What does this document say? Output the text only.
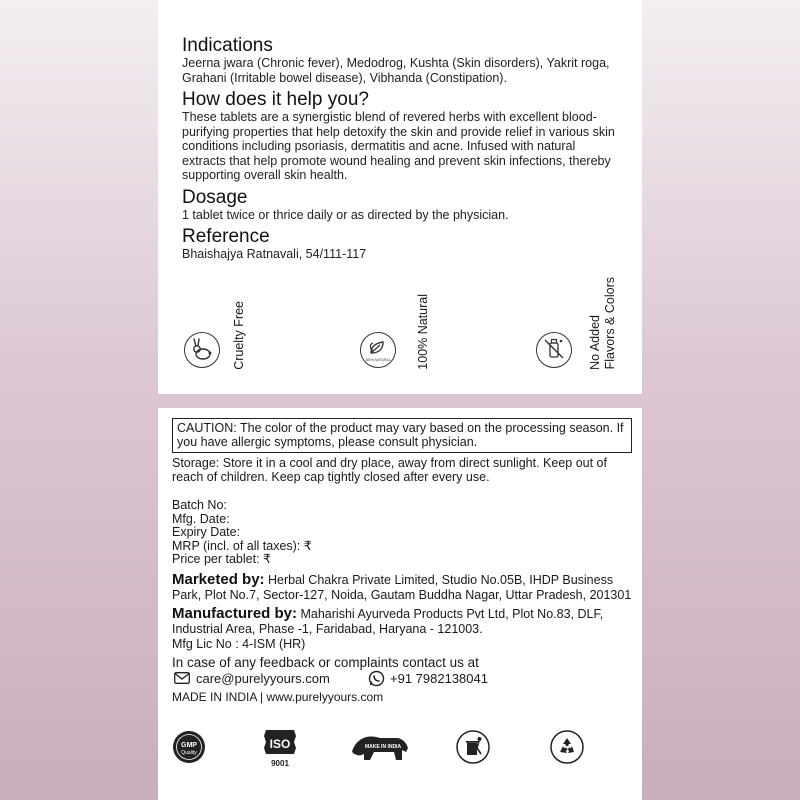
Indications

Jeerna jwara (Chronic fever), Medodrog, Kushta (Skin disorders), Yakrit roga, Grahani (Irritable bowel disease), Vibhanda (Constipation).

How does it help you?

These tablets are a synergistic blend of revered herbs with excellent blood-purifying properties that help detoxify the skin and provide relief in various skin conditions including psoriasis, dermatitis and acne. Infused with natural extracts that help promote wound healing and prevent skin infections, thereby supporting overall skin health.

Dosage

1 tablet twice or thrice daily or as directed by the physician.

Reference

Bhaishajya Ratnavali, 54/111-117

Cruelty Free	100% NATURAL 100% Natural	No Added Flavors & Colors
CAUTION: The color of the product may vary based on the processing season. If you have allergic symptoms, please consult physician.

Storage: Store it in a cool and dry place, away from direct sunlight. Keep out of reach of children. Keep cap tightly closed after every use.

Batch No:

Mfg. Date:

Expiry Date:

MRP (incl. of all taxes): ₹

Price per tablet: ₹

Marketed by: Herbal Chakra Private Limited, Studio No.05B, IHDP Business Park, Plot No.7, Sector-127, Noida, Gautam Buddha Nagar, Uttar Pradesh, 201301

Manufactured by: Maharishi Ayurveda Products Pvt Ltd, Plot No.83, DLF, Industrial Area, Phase -1, Faridabad, Haryana - 121003.

Mfg Lic No : 4-ISM (HR)

In case of any feedback or complaints contact us at

care@purelyyours.com	+91 7982138041

MADE IN INDIA | www.purelyyours.com

GMP
Quality
ISO
9001
MAKE IN INDIA
